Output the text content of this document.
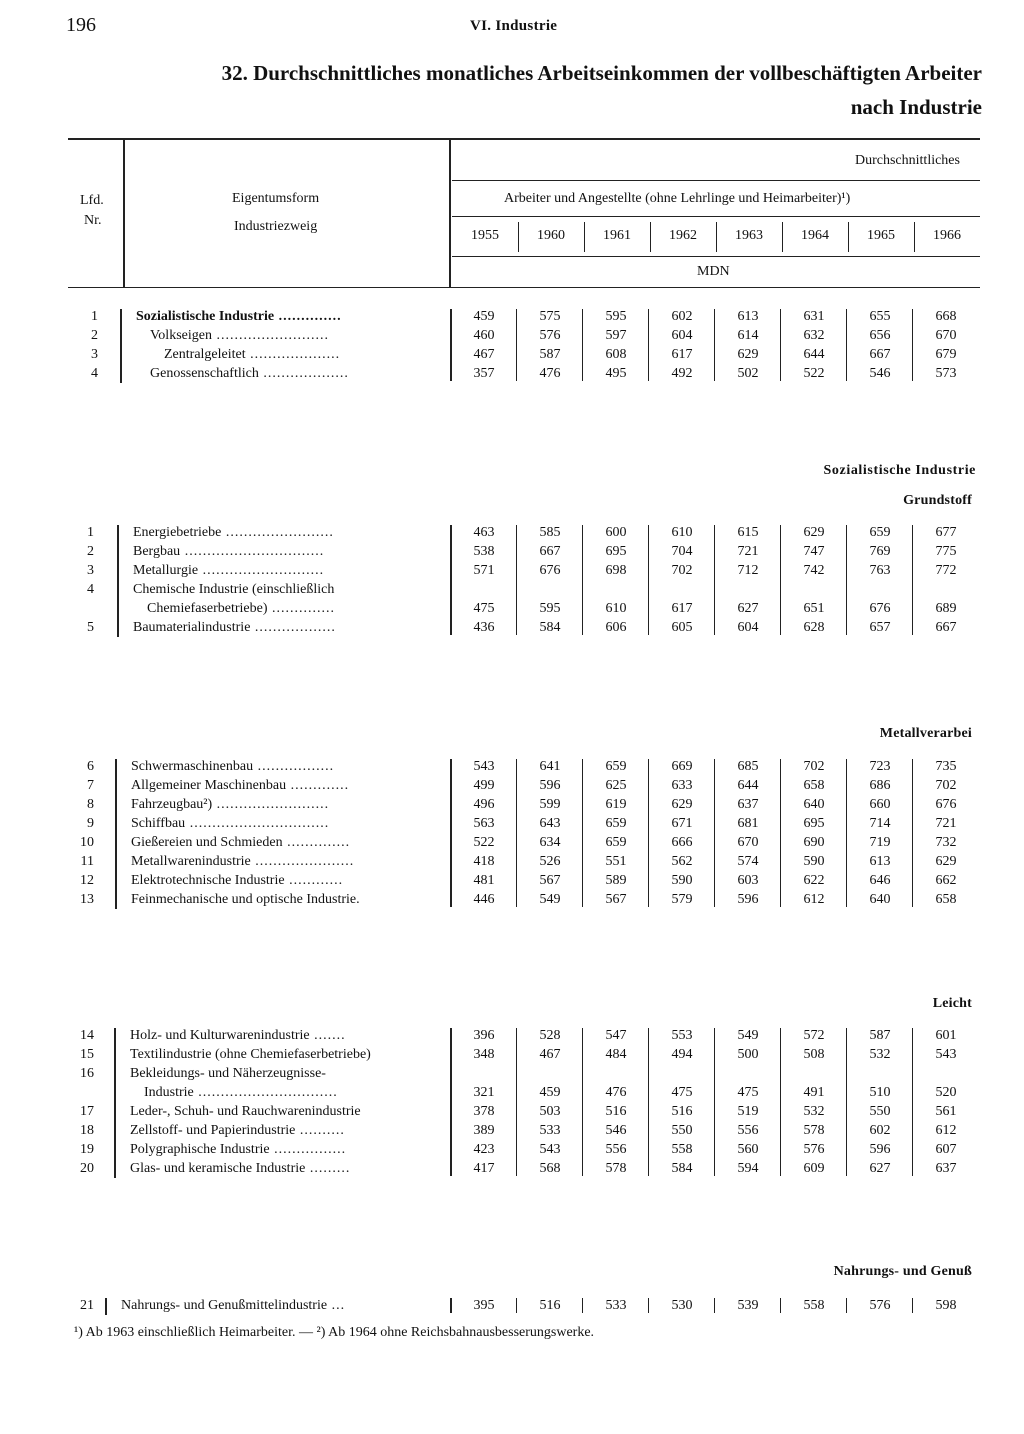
196	VI. Industrie
32. Durchschnittliches monatliches Arbeitseinkommen der vollbeschäftigten Arbeiter
nach Industrie
Lfd.
Nr.
Eigentumsform
Industriezweig
Durchschnittliches
Arbeiter und Angestellte (ohne Lehrlinge und Heimarbeiter)¹)
MDN
1955	1960	1961	1962	1963	1964	1965	1966
1	Sozialistische Industrie ..............	459	575	595	602	613	631	655	668
2	Volkseigen .........................	460	576	597	604	614	632	656	670
3	Zentralgeleitet ....................	467	587	608	617	629	644	667	679
4	Genossenschaftlich ...................	357	476	495	492	502	522	546	573
Sozialistische Industrie
Grundstoff
1	Energiebetriebe ........................	463	585	600	610	615	629	659	677
2	Bergbau ...............................	538	667	695	704	721	747	769	775
3	Metallurgie ...........................	571	676	698	702	712	742	763	772
4	Chemische Industrie (einschließlich
Chemiefaserbetriebe) ..............	475	595	610	617	627	651	676	689
5	Baumaterialindustrie ..................	436	584	606	605	604	628	657	667
Metallverarbei
6	Schwermaschinenbau .................	543	641	659	669	685	702	723	735
7	Allgemeiner Maschinenbau .............	499	596	625	633	644	658	686	702
8	Fahrzeugbau²) .........................	496	599	619	629	637	640	660	676
9	Schiffbau ...............................	563	643	659	671	681	695	714	721
10	Gießereien und Schmieden ..............	522	634	659	666	670	690	719	732
11	Metallwarenindustrie ......................	418	526	551	562	574	590	613	629
12	Elektrotechnische Industrie ............	481	567	589	590	603	622	646	662
13	Feinmechanische und optische Industrie.	446	549	567	579	596	612	640	658
Leicht
14	Holz- und Kulturwarenindustrie .......	396	528	547	553	549	572	587	601
15	Textilindustrie (ohne Chemiefaserbetriebe)	348	467	484	494	500	508	532	543
16	Bekleidungs- und Näherzeugnisse-
Industrie ...............................	321	459	476	475	475	491	510	520
17	Leder-, Schuh- und Rauchwarenindustrie	378	503	516	516	519	532	550	561
18	Zellstoff- und Papierindustrie ..........	389	533	546	550	556	578	602	612
19	Polygraphische Industrie ................	423	543	556	558	560	576	596	607
20	Glas- und keramische Industrie .........	417	568	578	584	594	609	627	637
Nahrungs- und Genuß
21 Nahrungs- und Genußmittelindustrie ...	395	516	533	530	539	558	576	598
¹) Ab 1963 einschließlich Heimarbeiter. — ²) Ab 1964 ohne Reichsbahnausbesserungswerke.
